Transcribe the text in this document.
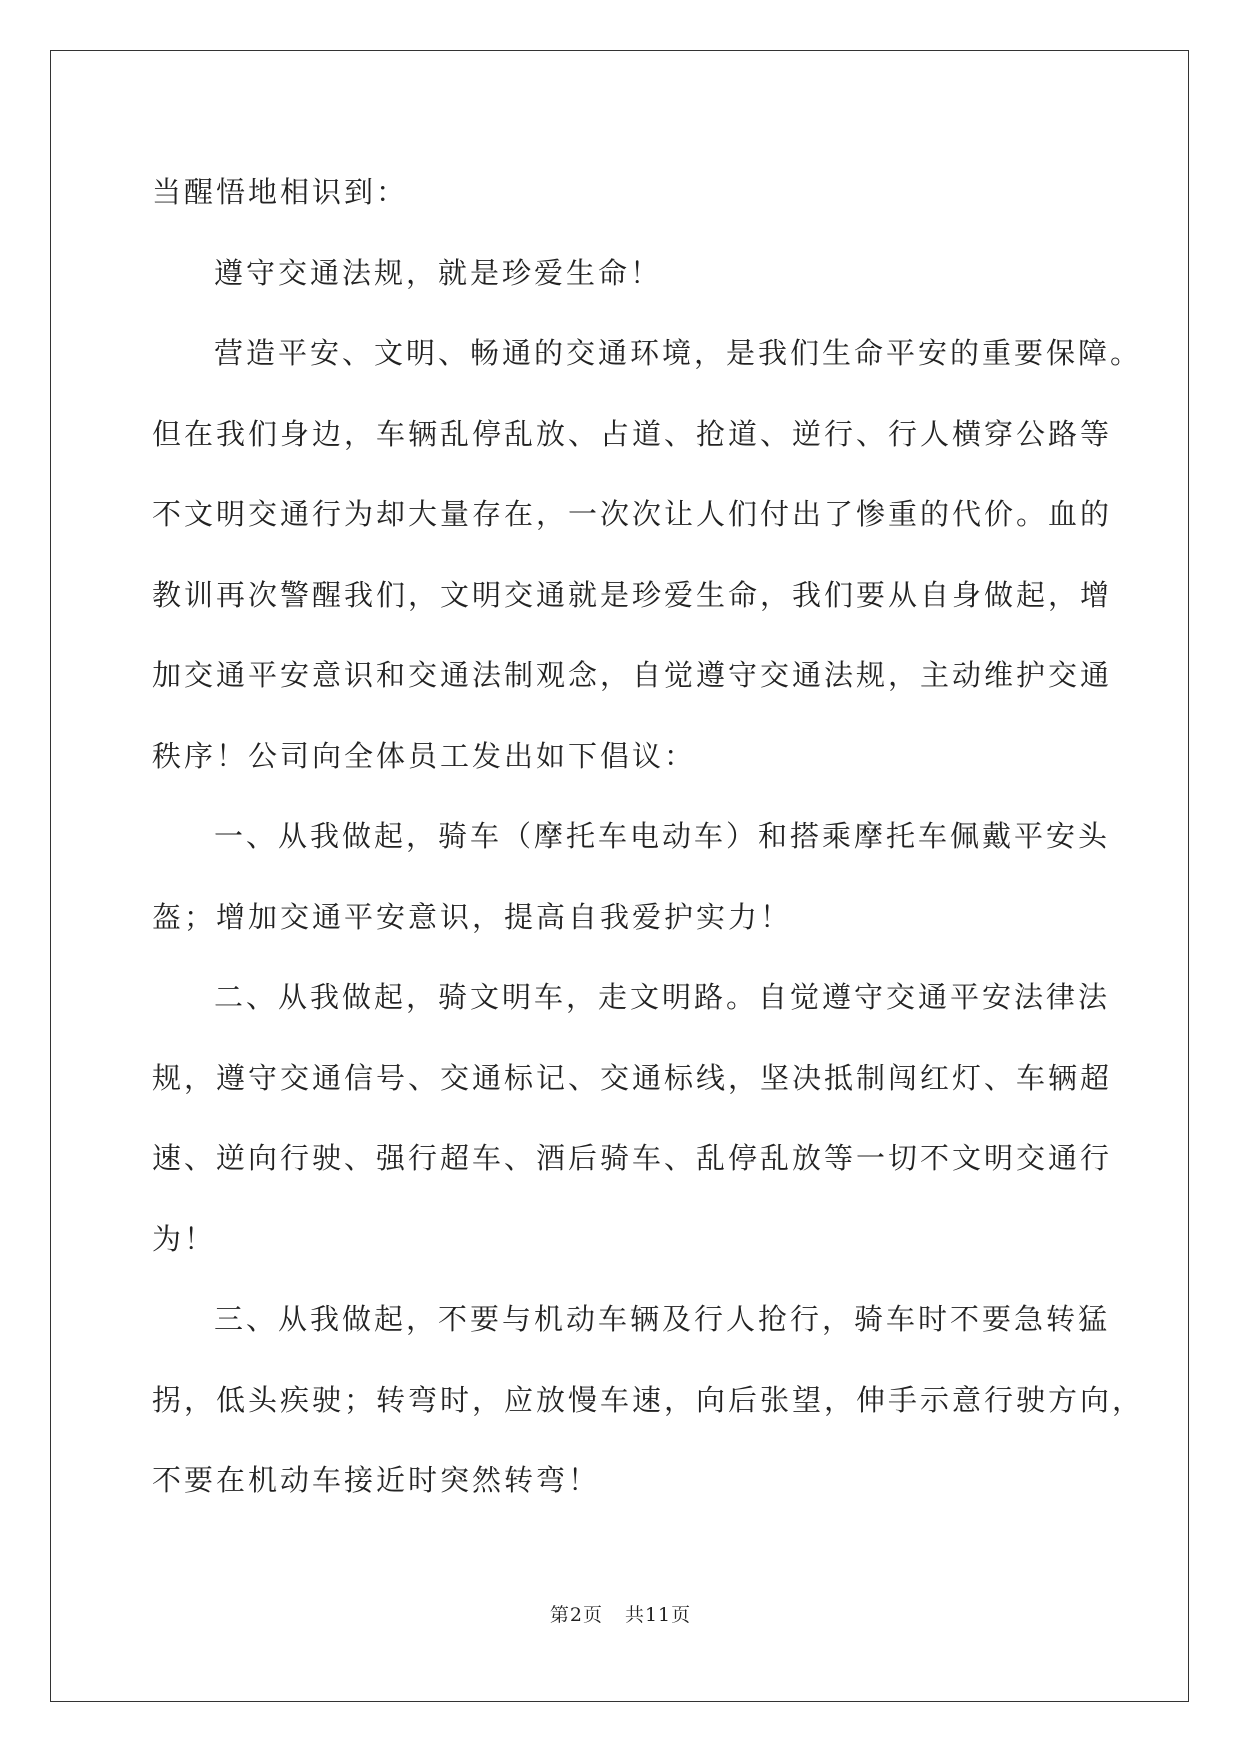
当醒悟地相识到：
遵守交通法规，就是珍爱生命！
营造平安、文明、畅通的交通环境，是我们生命平安的重要保障。
但在我们身边，车辆乱停乱放、占道、抢道、逆行、行人横穿公路等
不文明交通行为却大量存在，一次次让人们付出了惨重的代价。血的
教训再次警醒我们，文明交通就是珍爱生命，我们要从自身做起，增
加交通平安意识和交通法制观念，自觉遵守交通法规，主动维护交通
秩序！公司向全体员工发出如下倡议：
一、从我做起，骑车（摩托车电动车）和搭乘摩托车佩戴平安头
盔；增加交通平安意识，提高自我爱护实力！
二、从我做起，骑文明车，走文明路。自觉遵守交通平安法律法
规，遵守交通信号、交通标记、交通标线，坚决抵制闯红灯、车辆超
速、逆向行驶、强行超车、酒后骑车、乱停乱放等一切不文明交通行
为！
三、从我做起，不要与机动车辆及行人抢行，骑车时不要急转猛
拐，低头疾驶；转弯时，应放慢车速，向后张望，伸手示意行驶方向，
不要在机动车接近时突然转弯！
第2页 共11页
